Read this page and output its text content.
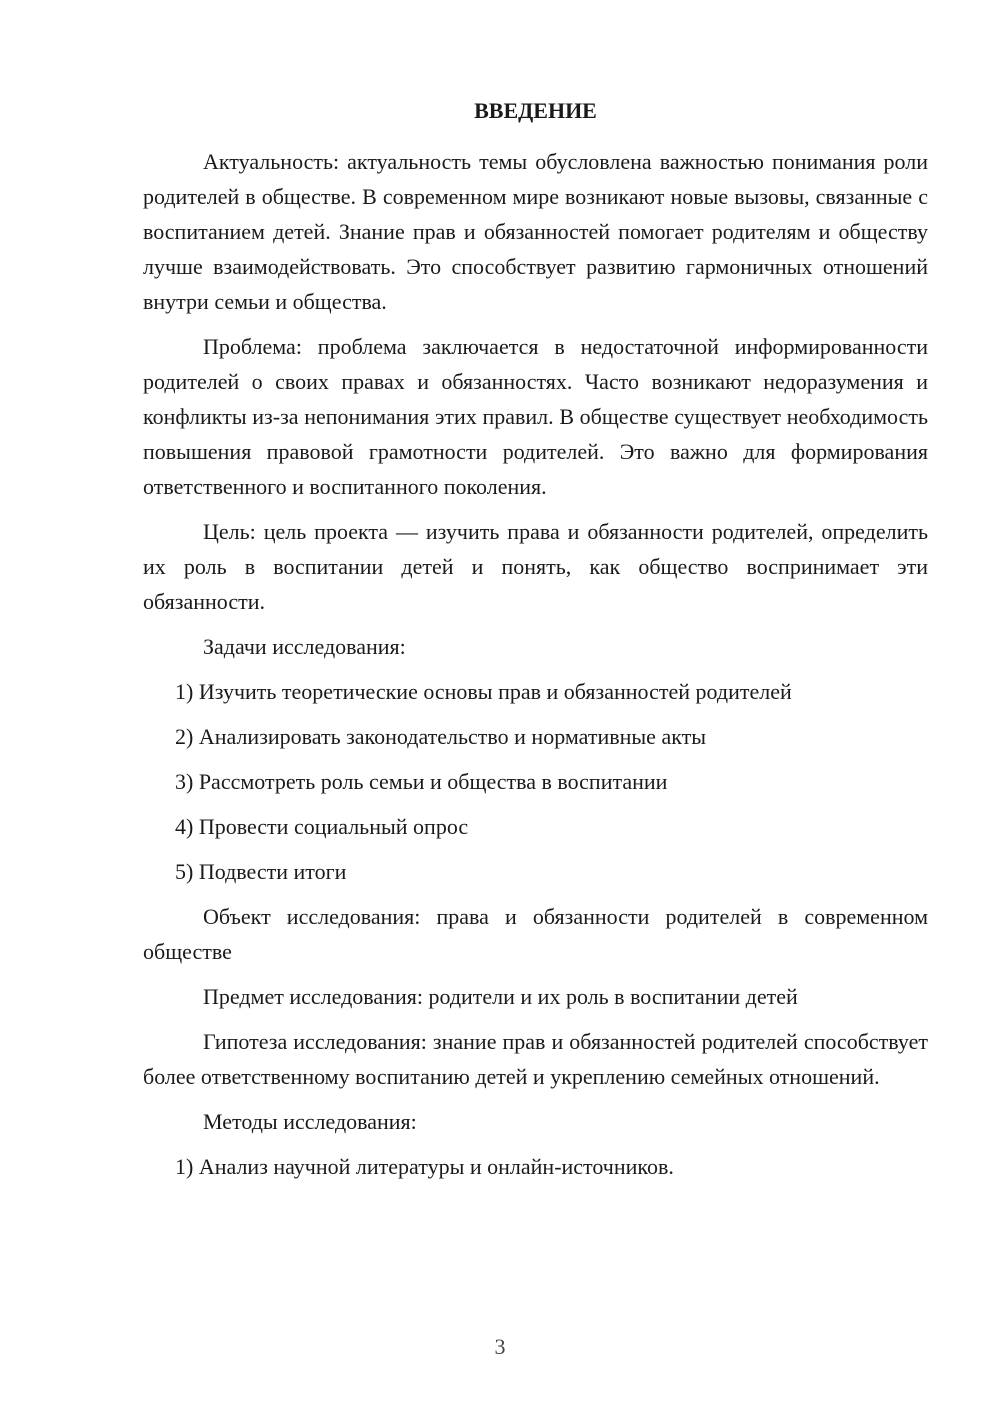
ВВЕДЕНИЕ

Актуальность: актуальность темы обусловлена важностью понимания роли родителей в обществе. В современном мире возникают новые вызовы, связанные с воспитанием детей. Знание прав и обязанностей помогает родителям и обществу лучше взаимодействовать. Это способствует развитию гармоничных отношений внутри семьи и общества.

Проблема: проблема заключается в недостаточной информированности родителей о своих правах и обязанностях. Часто возникают недоразумения и конфликты из-за непонимания этих правил. В обществе существует необходимость повышения правовой грамотности родителей. Это важно для формирования ответственного и воспитанного поколения.

Цель: цель проекта — изучить права и обязанности родителей, определить их роль в воспитании детей и понять, как общество воспринимает эти обязанности.

Задачи исследования:

1) Изучить теоретические основы прав и обязанностей родителей
2) Анализировать законодательство и нормативные акты
3) Рассмотреть роль семьи и общества в воспитании
4) Провести социальный опрос
5) Подвести итоги

Объект исследования: права и обязанности родителей в современном обществе

Предмет исследования: родители и их роль в воспитании детей

Гипотеза исследования: знание прав и обязанностей родителей способствует более ответственному воспитанию детей и укреплению семейных отношений.

Методы исследования:

1) Анализ научной литературы и онлайн-источников.
3
